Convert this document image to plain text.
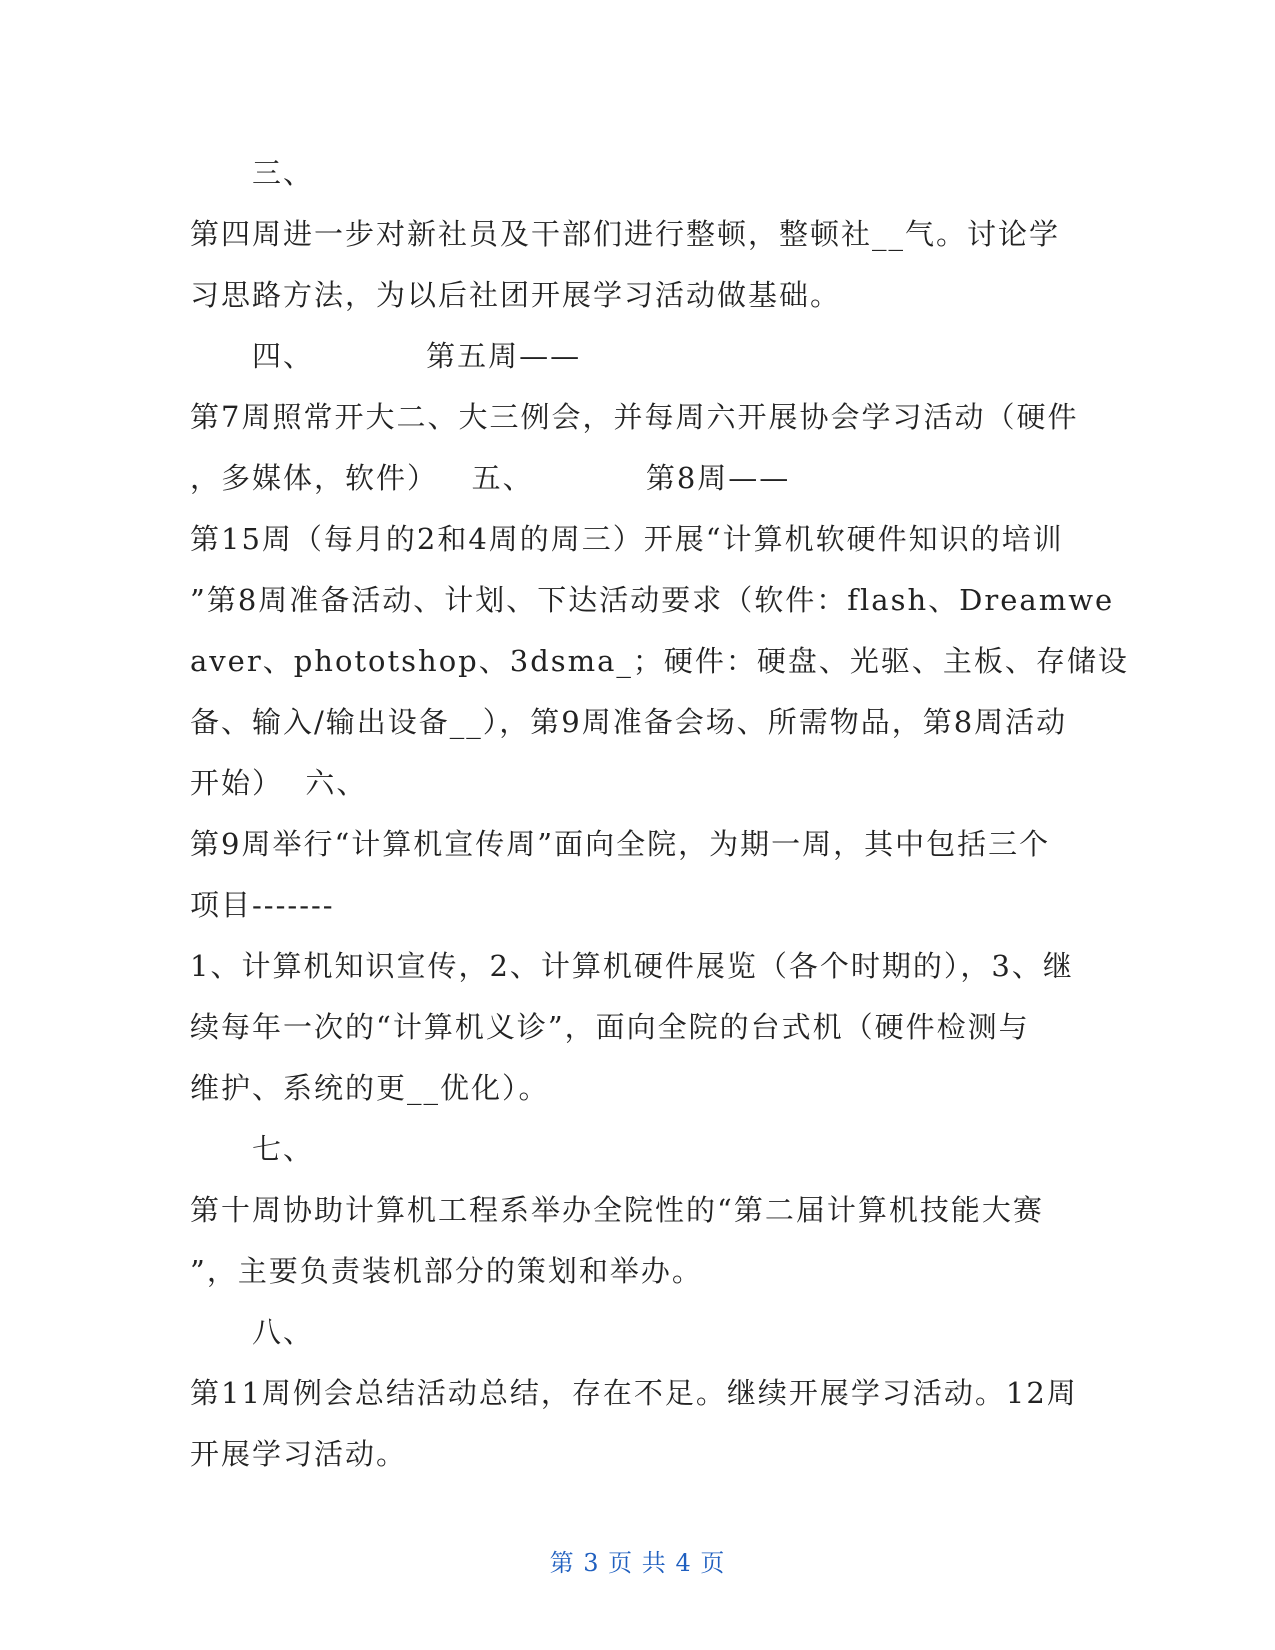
三、
第四周进一步对新社员及干部们进行整顿，整顿社__气。讨论学
习思路方法，为以后社团开展学习活动做基础。
四、          第五周——
第7周照常开大二、大三例会，并每周六开展协会学习活动（硬件
，多媒体，软件）   五、          第8周——
第15周（每月的2和4周的周三）开展“计算机软硬件知识的培训
”第8周准备活动、计划、下达活动要求（软件：flash、Dreamwe
aver、phototshop、3dsma_；硬件：硬盘、光驱、主板、存储设
备、输入/输出设备__），第9周准备会场、所需物品，第8周活动
开始）  六、
第9周举行“计算机宣传周”面向全院，为期一周，其中包括三个
项目-------
1、计算机知识宣传，2、计算机硬件展览（各个时期的），3、继
续每年一次的“计算机义诊”，面向全院的台式机（硬件检测与
维护、系统的更__优化）。
七、
第十周协助计算机工程系举办全院性的“第二届计算机技能大赛
”，主要负责装机部分的策划和举办。
八、
第11周例会总结活动总结，存在不足。继续开展学习活动。12周
开展学习活动。
第 3 页 共 4 页
